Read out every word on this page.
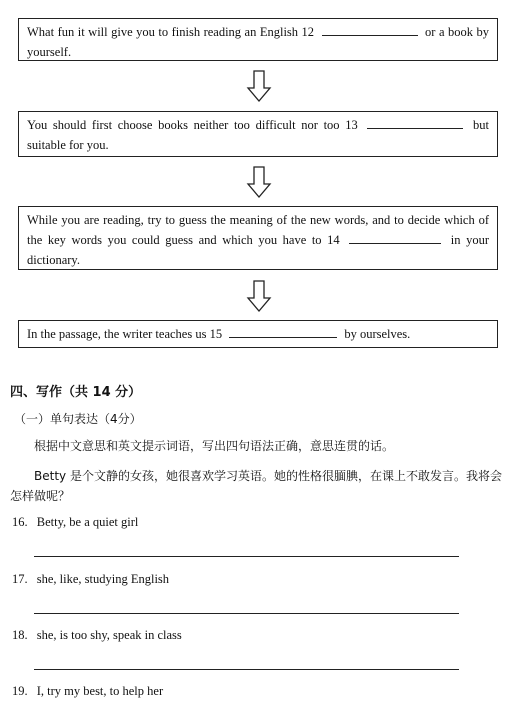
What fun it will give you to finish reading an English 12	or a book by yourself.
You should first choose books neither too difficult nor too 13	but suitable for you.
While you are reading, try to guess the meaning of the new words, and to decide which of the key words you could guess and which you have to 14	in your dictionary.
In the passage, the writer teaches us 15	by ourselves.
四、写作（共 14 分）
（一）单句表达（4分）
根据中文意思和英文提示词语，写出四句语法正确，意思连贯的话。
Betty 是个文静的女孩，她很喜欢学习英语。她的性格很腼腆，在课上不敢发言。我将会怎样做呢？
16. Betty, be a quiet girl
17. she, like, studying English
18. she, is too shy, speak in class
19. I, try my best, to help her
